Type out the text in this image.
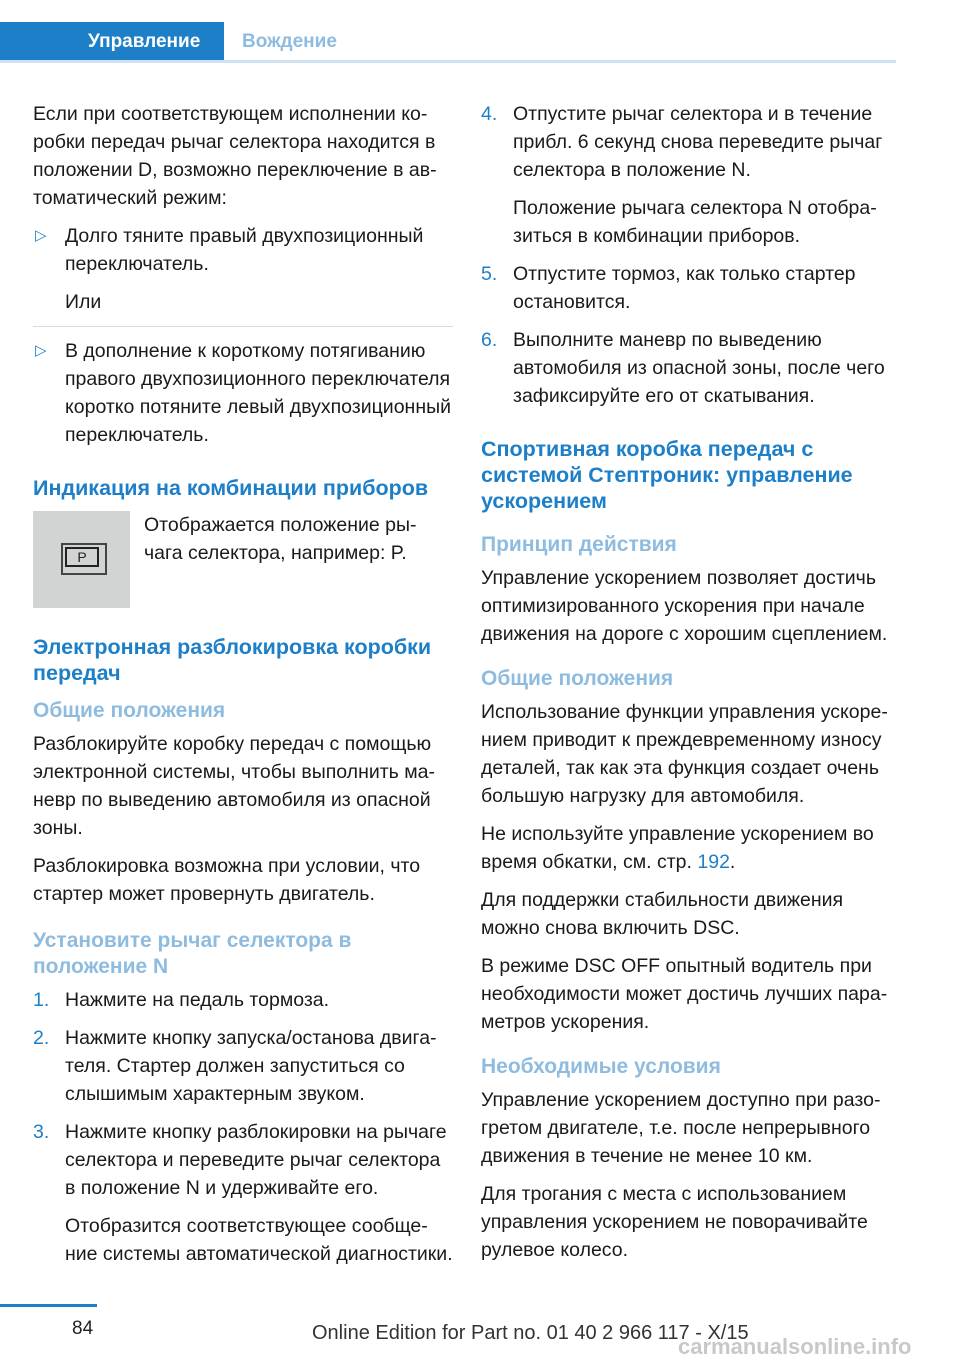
Управление	Вождение

Если при соответствующем исполнении коробки передач рычаг селектора находится в положении D, возможно переключение в автоматический режим:

▷ Долго тяните правый двухпозиционный переключатель.
Или
▷ В дополнение к короткому потягиванию правого двухпозиционного переключателя коротко потяните левый двухпозиционный переключатель.
Индикация на комбинации приборов
P

Отображается положение рычага селектора, например: P.

Электронная разблокировка коробки передач
Общие положения

Разблокируйте коробку передач с помощью электронной системы, чтобы выполнить маневр по выведению автомобиля из опасной зоны.

Разблокировка возможна при условии, что стартер может провернуть двигатель.

Установите рычаг селектора в положение N
1. Нажмите на педаль тормоза.
2. Нажмите кнопку запуска/останова двигателя. Стартер должен запуститься со слышимым характерным звуком.
3. Нажмите кнопку разблокировки на рычаге селектора и переведите рычаг селектора в положение N и удерживайте его.
Отобразится соответствующее сообщение системы автоматической диагностики.
4. Отпустите рычаг селектора и в течение прибл. 6 секунд снова переведите рычаг селектора в положение N.
Положение рычага селектора N отобразиться в комбинации приборов.
5. Отпустите тормоз, как только стартер остановится.
6. Выполните маневр по выведению автомобиля из опасной зоны, после чего зафиксируйте его от скатывания.
Спортивная коробка передач с системой Стептроник: управление ускорением
Принцип действия

Управление ускорением позволяет достичь оптимизированного ускорения при начале движения на дороге с хорошим сцеплением.

Общие положения

Использование функции управления ускорением приводит к преждевременному износу деталей, так как эта функция создает очень большую нагрузку для автомобиля.

Не используйте управление ускорением во время обкатки, см. стр. 192.

Для поддержки стабильности движения можно снова включить DSC.

В режиме DSC OFF опытный водитель при необходимости может достичь лучших параметров ускорения.

Необходимые условия

Управление ускорением доступно при разогретом двигателе, т.е. после непрерывного движения в течение не менее 10 км.

Для трогания с места с использованием управления ускорением не поворачивайте рулевое колесо.

84	Online Edition for Part no. 01 40 2 966 117 - X/15
carmanualsonline.info
